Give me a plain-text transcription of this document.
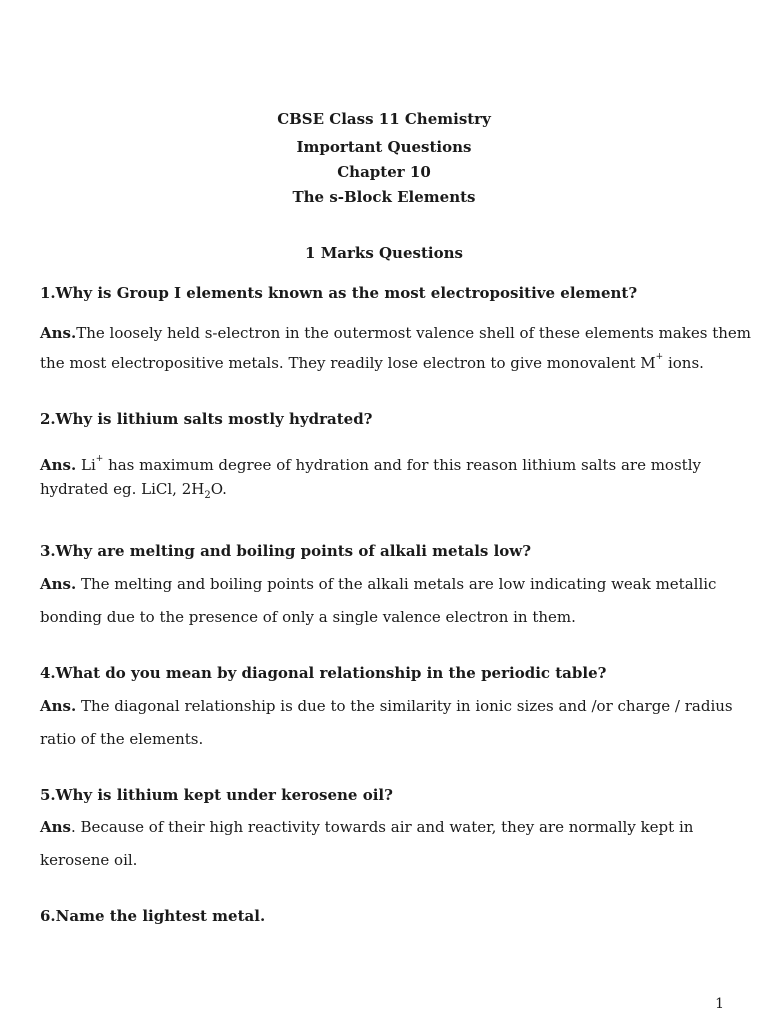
CBSE Class 11 Chemistry
Important Questions
Chapter 10
The s-Block Elements
1 Marks Questions
1.Why is Group I elements known as the most electropositive element?
Ans.The loosely held s-electron in the outermost valence shell of these elements makes them
the most electropositive metals. They readily lose electron to give monovalent M+ ions.
2.Why is lithium salts mostly hydrated?
Ans. Li+ has maximum degree of hydration and for this reason lithium salts are mostly
hydrated eg. LiCl, $2H_2O$.
3.Why are melting and boiling points of alkali metals low?
Ans. The melting and boiling points of the alkali metals are low indicating weak metallic
bonding due to the presence of only a single valence electron in them.
4.What do you mean by diagonal relationship in the periodic table?
Ans. The diagonal relationship is due to the similarity in ionic sizes and /or charge / radius
ratio of the elements.
5.Why is lithium kept under kerosene oil?
Ans. Because of their high reactivity towards air and water, they are normally kept in
kerosene oil.
6.Name the lightest metal.
1
